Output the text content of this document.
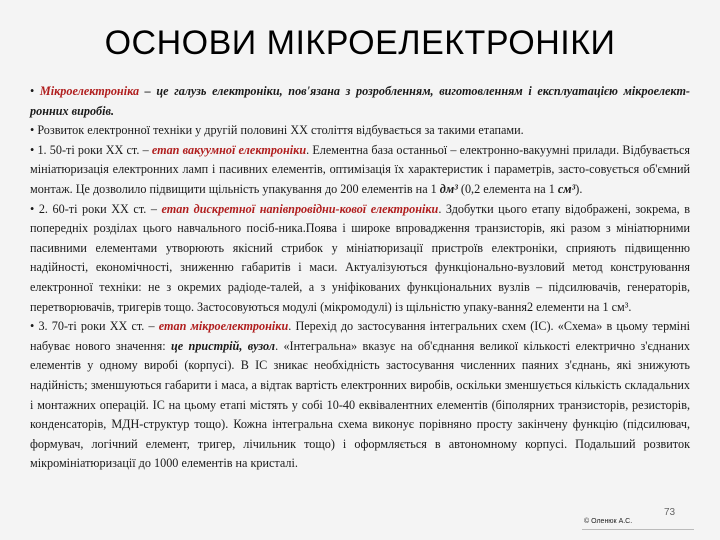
ОСНОВИ МІКРОЕЛЕКТРОНІКИ

• Мікроелектроніка – це галузь електроніки, пов'язана з розробленням, виготовленням і експлуатацією мікроелект-ронних виробів.

• Розвиток електронної техніки у другій половині XX століття відбувається за такими етапами.

• 1. 50-ті роки XX ст. – етап вакуумної електроніки. Елементна база останньої – електронно-вакуумні прилади. Відбувається мініатюризація електронних ламп і пасивних елементів, оптимізація їх характеристик і параметрів, засто-совується об'ємний монтаж. Це дозволило підвищити щільність упакування до 200 елементів на 1 дм³ (0,2 елемента на 1 см³).

• 2. 60-ті роки XX ст. – етап дискретної напівпровідни-кової електроніки. Здобутки цього етапу відображені, зокрема, в попередніх розділах цього навчального посіб-ника.Поява і широке впровадження транзисторів, які разом з мініатюрними пасивними елементами утворюють якісний стрибок у мініатюризації пристроїв електроніки, сприяють підвищенню надійності, економічності, зниженню габаритів і маси. Актуалізуються функціонально-вузловий метод конструювання електронної техніки: не з окремих радіоде-талей, а з уніфікованих функціональних вузлів – підсилювачів, генераторів, перетворювачів, тригерів тощо. Застосовуються модулі (мікромодулі) із щільністю упаку-вання2 елементи на 1 см³.

• 3. 70-ті роки XX ст. – етап мікроелектроніки. Перехід до застосування інтегральних схем (ІС). «Схема» в цьому терміні набуває нового значення: це пристрій, вузол. «Інтегральна» вказує на об'єднання великої кількості електрично з'єднаних елементів у одному виробі (корпусі). В ІС зникає необхідність застосування численних паяних з'єднань, які знижують надійність; зменшуються габарити і маса, а відтак вартість електронних виробів, оскільки зменшується кількість складальних і монтажних операцій. ІС на цьому етапі містять у собі 10-40 еквівалентних елементів (біполярних транзисторів, резисторів, конденсаторів, МДН-структур тощо). Кожна інтегральна схема виконує порівняно просту закінчену функцію (підсилювач, формувач, логічний елемент, тригер, лічильник тощо) і оформляється в автономному корпусі. Подальший розвиток мікромініатюризації до 1000 елементів на кристалі.

73
© Оленюк А.С.
